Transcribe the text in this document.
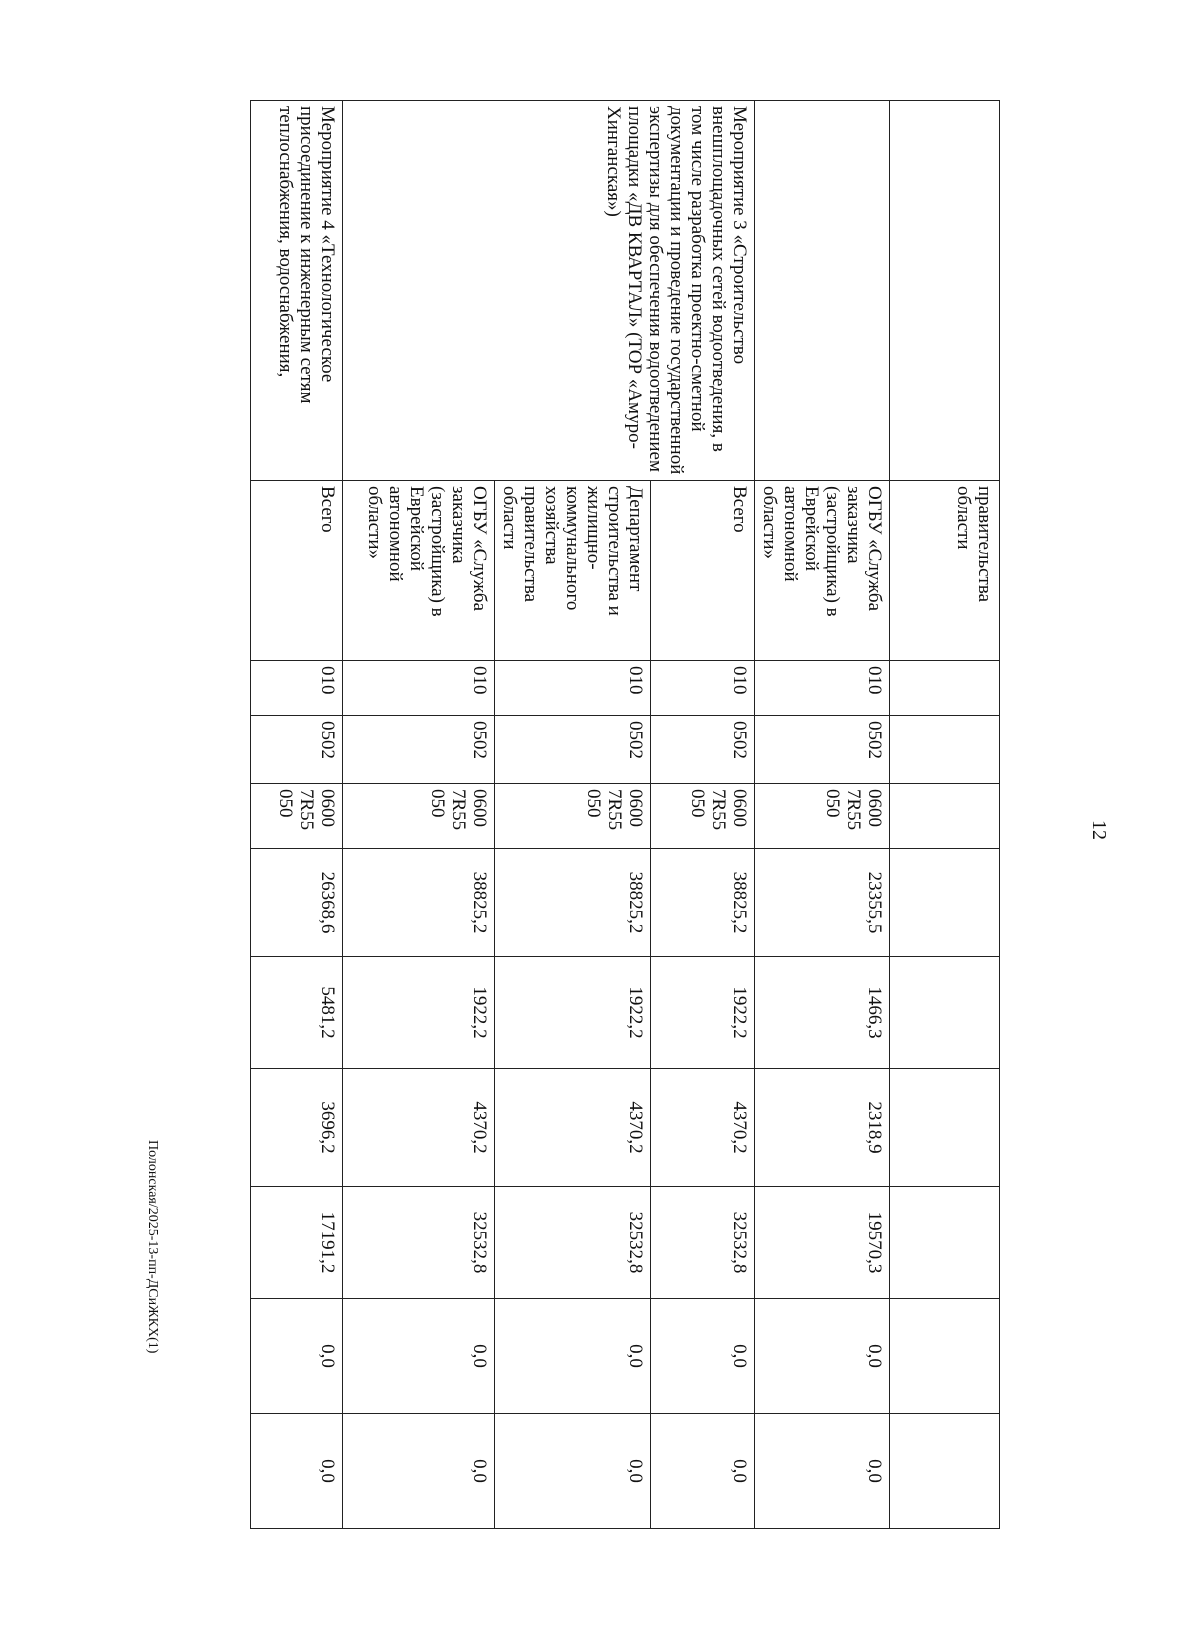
12
	правительства области									
	ОГБУ «Служба заказчика (застройщика) в Еврейской автономной области»	010	0502	0600 7R55 050	23355,5	1466,3	2318,9	19570,3	0,0	0,0
Мероприятие 3 «Строительство внешплощадочных сетей водоотведения, в том числе разработка проектно-сметной документации и проведение государственной экспертизы для обеспечения водоотведением площадки «ДВ КВАРТАЛ» (ТОР «Амуро-Хинганская»)	Всего	010	0502	0600 7R55 050	38825,2	1922,2	4370,2	32532,8	0,0	0,0
	Департамент строительства и жилищно-коммунального хозяйства правительства области	010	0502	0600 7R55 050	38825,2	1922,2	4370,2	32532,8	0,0	0,0
	ОГБУ «Служба заказчика (застройщика) в Еврейской автономной области»	010	0502	0600 7R55 050	38825,2	1922,2	4370,2	32532,8	0,0	0,0
Мероприятие 4 «Технологическое присоединение к инженерным сетям теплоснабжения, водоснабжения,	Всего	010	0502	0600 7R55 050	26368,6	5481,2	3696,2	17191,2	0,0	0,0
Полонская/2025-13-пп-ДСиЖКХ(1)
